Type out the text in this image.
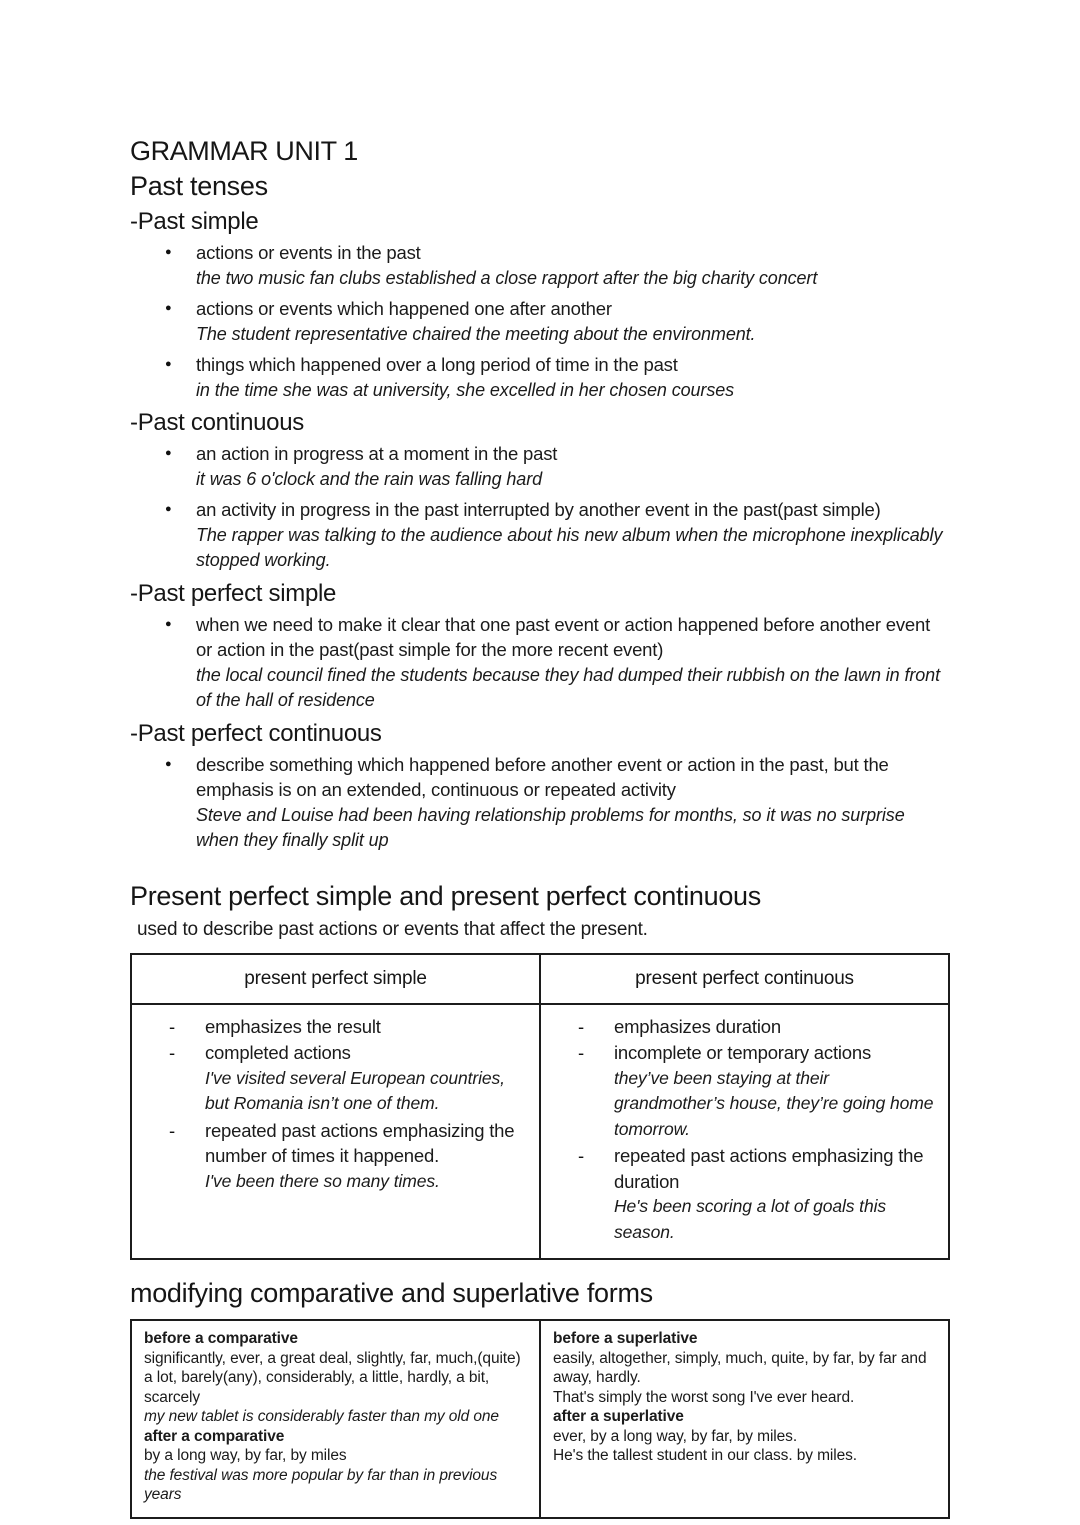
GRAMMAR UNIT 1
Past tenses
-Past simple
●	actions or events in the past
the two music fan clubs established a close rapport after the big charity concert
●	actions or events which happened one after another
The student representative chaired the meeting about the environment.
●	things which happened over a long period of time in the past
in the time she was at university, she excelled in her chosen courses
-Past continuous
●	an action in progress at a moment in the past
it was 6 o'clock and the rain was falling hard
●	an activity in progress in the past interrupted by another event in the past(past simple)
The rapper was talking to the audience about his new album when the microphone inexplicably stopped working.
-Past perfect simple
●	when we need to make it clear that one past event or action happened before another event or action in the past(past simple for the more recent event)
the local council fined the students because they had dumped their rubbish on the lawn in front of the hall of residence
-Past perfect continuous
●	describe something which happened before another event or action in the past, but the emphasis is on an extended, continuous or repeated activity
Steve and Louise had been having relationship problems for months, so it was no surprise when they finally split up
Present perfect simple and present perfect continuous
used to describe past actions or events that affect the present.
present perfect simple	present perfect continuous

-	emphasizes the result
-	completed actions
I've visited several European countries, but Romania isn’t one of them.
-	repeated past actions emphasizing the number of times it happened.
I've been there so many times.

-	emphasizes duration
-	incomplete or temporary actions
they’ve been staying at their grandmother’s house, they’re going home tomorrow.
-	repeated past actions emphasizing the duration
He's been scoring a lot of goals this season.
modifying comparative and superlative forms
before a comparative
significantly, ever, a great deal, slightly, far, much,(quite) a lot, barely(any), considerably, a little, hardly, a bit, scarcely
my new tablet is considerably faster than my old one
after a comparative
by a long way, by far, by miles
the festival was more popular by far than in previous years

before a superlative
easily, altogether, simply, much, quite, by far, by far and away, hardly.
That's simply the worst song I've ever heard.
after a superlative
ever, by a long way, by far, by miles.
He's the tallest student in our class. by miles.
